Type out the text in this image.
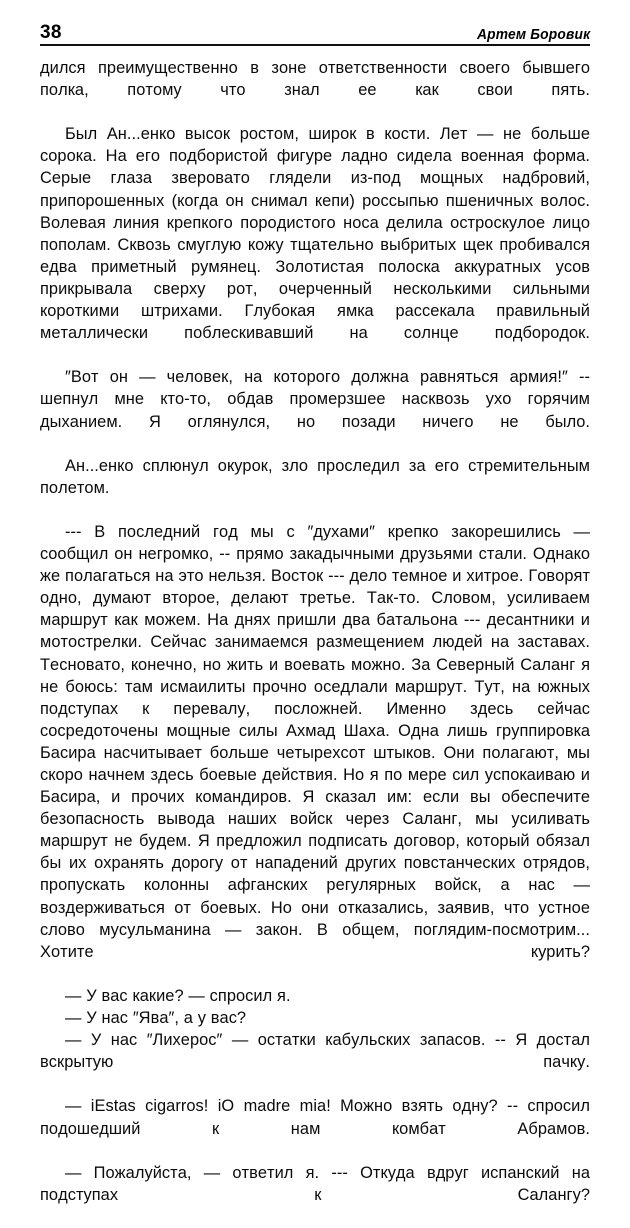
38	Артем Боровик

дился преимущественно в зоне ответственности своего бывшего полка, потому что знал ее как свои пять.

Был Ан...енко высок ростом, широк в кости. Лет — не больше сорока. На его подбористой фигуре ладно сидела военная форма. Серые глаза зверовато глядели из-под мощных надбровий, припорошенных (когда он снимал кепи) россыпью пшеничных волос. Волевая линия крепкого породистого носа делила остроскулое лицо пополам. Сквозь смуглую кожу тщательно выбритых щек пробивался едва приметный румянец. Золотистая полоска аккуратных усов прикрывала сверху рот, очерченный несколькими сильными короткими штрихами. Глубокая ямка рассекала правильный металлически поблескивавший на солнце подбородок.

″Вот он — человек, на которого должна равняться армия!″ -- шепнул мне кто-то, обдав промерзшее насквозь ухо горячим дыханием. Я оглянулся, но позади ничего не было.

Ан...енко сплюнул окурок, зло проследил за его стремительным полетом.

--- В последний год мы с ″духами″ крепко закорешились — сообщил он негромко, -- прямо закадычными друзьями стали. Однако же полагаться на это нельзя. Восток --- дело темное и хитрое. Говорят одно, думают второе, делают третье. Так-то. Словом, усиливаем маршрут как можем. На днях пришли два батальона --- десантники и мотострелки. Сейчас занимаемся размещением людей на заставах. Тесновато, конечно, но жить и воевать можно. За Северный Саланг я не боюсь: там исмаилиты прочно оседлали маршрут. Тут, на южных подступах к перевалу, посложней. Именно здесь сейчас сосредоточены мощные силы Ахмад Шаха. Одна лишь группировка Басира насчитывает больше четырехсот штыков. Они полагают, мы скоро начнем здесь боевые действия. Но я по мере сил успокаиваю и Басира, и прочих командиров. Я сказал им: если вы обеспечите безопасность вывода наших войск через Саланг, мы усиливать маршрут не будем. Я предложил подписать договор, который обязал бы их охранять дорогу от нападений других повстанческих отрядов, пропускать колонны афганских регулярных войск, а нас — воздерживаться от боевых. Но они отказались, заявив, что устное слово мусульманина — закон. В общем, поглядим-посмотрим... Хотите курить?

— У вас какие? — спросил я.

— У нас ″Ява″, а у вас?

— У нас ″Лихерос″ — остатки кабульских запасов. -- Я достал вскрытую пачку.

— iEstas cigarros! iO madre mia! Можно взять одну? -- спросил подошедший к нам комбат Абрамов.

— Пожалуйста, — ответил я. --- Откуда вдруг испанский на подступах к Салангу?
